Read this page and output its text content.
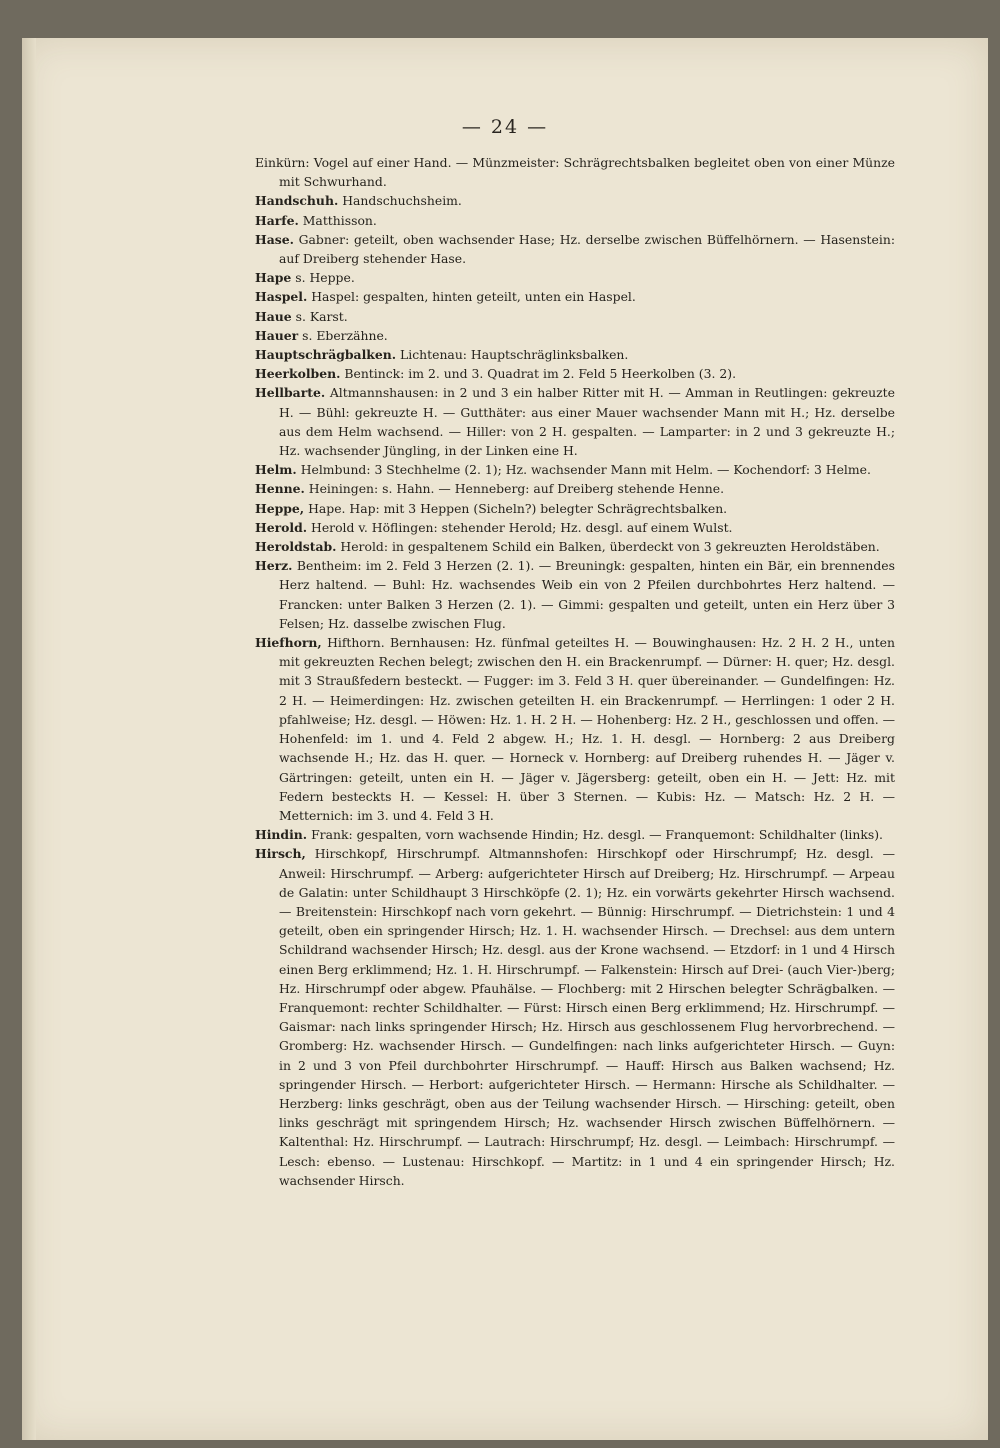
— 24 —

Einkürn: Vogel auf einer Hand. — Münzmeister: Schrägrechtsbalken begleitet oben von einer Münze mit Schwurhand.

Handschuh. Handschuchsheim.

Harfe. Matthisson.

Hase. Gabner: geteilt, oben wachsender Hase; Hz. derselbe zwischen Büffelhörnern. — Hasenstein: auf Dreiberg stehender Hase.

Hape s. Heppe.

Haspel. Haspel: gespalten, hinten geteilt, unten ein Haspel.

Haue s. Karst.

Hauer s. Eberzähne.

Hauptschrägbalken. Lichtenau: Hauptschräglinksbalken.

Heerkolben. Bentinck: im 2. und 3. Quadrat im 2. Feld 5 Heerkolben (3. 2).

Hellbarte. Altmannshausen: in 2 und 3 ein halber Ritter mit H. — Amman in Reutlingen: gekreuzte H. — Bühl: gekreuzte H. — Gutthäter: aus einer Mauer wachsender Mann mit H.; Hz. derselbe aus dem Helm wachsend. — Hiller: von 2 H. gespalten. — Lamparter: in 2 und 3 gekreuzte H.; Hz. wachsender Jüngling, in der Linken eine H.

Helm. Helmbund: 3 Stechhelme (2. 1); Hz. wachsender Mann mit Helm. — Kochendorf: 3 Helme.

Henne. Heiningen: s. Hahn. — Henneberg: auf Dreiberg stehende Henne.

Heppe, Hape. Hap: mit 3 Heppen (Sicheln?) belegter Schrägrechtsbalken.

Herold. Herold v. Höflingen: stehender Herold; Hz. desgl. auf einem Wulst.

Heroldstab. Herold: in gespaltenem Schild ein Balken, überdeckt von 3 gekreuzten Heroldstäben.

Herz. Bentheim: im 2. Feld 3 Herzen (2. 1). — Breuningk: gespalten, hinten ein Bär, ein brennendes Herz haltend. — Buhl: Hz. wachsendes Weib ein von 2 Pfeilen durchbohrtes Herz haltend. — Francken: unter Balken 3 Herzen (2. 1). — Gimmi: gespalten und geteilt, unten ein Herz über 3 Felsen; Hz. dasselbe zwischen Flug.

Hiefhorn, Hifthorn. Bernhausen: Hz. fünfmal geteiltes H. — Bouwinghausen: Hz. 2 H. 2 H., unten mit gekreuzten Rechen belegt; zwischen den H. ein Brackenrumpf. — Dürner: H. quer; Hz. desgl. mit 3 Straußfedern besteckt. — Fugger: im 3. Feld 3 H. quer übereinander. — Gundelfingen: Hz. 2 H. — Heimerdingen: Hz. zwischen geteilten H. ein Brackenrumpf. — Herrlingen: 1 oder 2 H. pfahlweise; Hz. desgl. — Höwen: Hz. 1. H. 2 H. — Hohenberg: Hz. 2 H., geschlossen und offen. — Hohenfeld: im 1. und 4. Feld 2 abgew. H.; Hz. 1. H. desgl. — Hornberg: 2 aus Dreiberg wachsende H.; Hz. das H. quer. — Horneck v. Hornberg: auf Dreiberg ruhendes H. — Jäger v. Gärtringen: geteilt, unten ein H. — Jäger v. Jägersberg: geteilt, oben ein H. — Jett: Hz. mit Federn besteckts H. — Kessel: H. über 3 Sternen. — Kubis: Hz. — Matsch: Hz. 2 H. — Metternich: im 3. und 4. Feld 3 H.

Hindin. Frank: gespalten, vorn wachsende Hindin; Hz. desgl. — Franquemont: Schildhalter (links).

Hirsch, Hirschkopf, Hirschrumpf. Altmannshofen: Hirschkopf oder Hirschrumpf; Hz. desgl. — Anweil: Hirschrumpf. — Arberg: aufgerichteter Hirsch auf Dreiberg; Hz. Hirschrumpf. — Arpeau de Galatin: unter Schildhaupt 3 Hirschköpfe (2. 1); Hz. ein vorwärts gekehrter Hirsch wachsend. — Breitenstein: Hirschkopf nach vorn gekehrt. — Bünnig: Hirschrumpf. — Dietrichstein: 1 und 4 geteilt, oben ein springender Hirsch; Hz. 1. H. wachsender Hirsch. — Drechsel: aus dem untern Schildrand wachsender Hirsch; Hz. desgl. aus der Krone wachsend. — Etzdorf: in 1 und 4 Hirsch einen Berg erklimmend; Hz. 1. H. Hirschrumpf. — Falkenstein: Hirsch auf Drei- (auch Vier-)berg; Hz. Hirschrumpf oder abgew. Pfauhälse. — Flochberg: mit 2 Hirschen belegter Schrägbalken. — Franquemont: rechter Schildhalter. — Fürst: Hirsch einen Berg erklimmend; Hz. Hirschrumpf. — Gaismar: nach links springender Hirsch; Hz. Hirsch aus geschlossenem Flug hervorbrechend. — Gromberg: Hz. wachsender Hirsch. — Gundelfingen: nach links aufgerichteter Hirsch. — Guyn: in 2 und 3 von Pfeil durchbohrter Hirschrumpf. — Hauff: Hirsch aus Balken wachsend; Hz. springender Hirsch. — Herbort: aufgerichteter Hirsch. — Hermann: Hirsche als Schildhalter. — Herzberg: links geschrägt, oben aus der Teilung wachsender Hirsch. — Hirsching: geteilt, oben links geschrägt mit springendem Hirsch; Hz. wachsender Hirsch zwischen Büffelhörnern. — Kaltenthal: Hz. Hirschrumpf. — Lautrach: Hirschrumpf; Hz. desgl. — Leimbach: Hirschrumpf. — Lesch: ebenso. — Lustenau: Hirschkopf. — Martitz: in 1 und 4 ein springender Hirsch; Hz. wachsender Hirsch.
